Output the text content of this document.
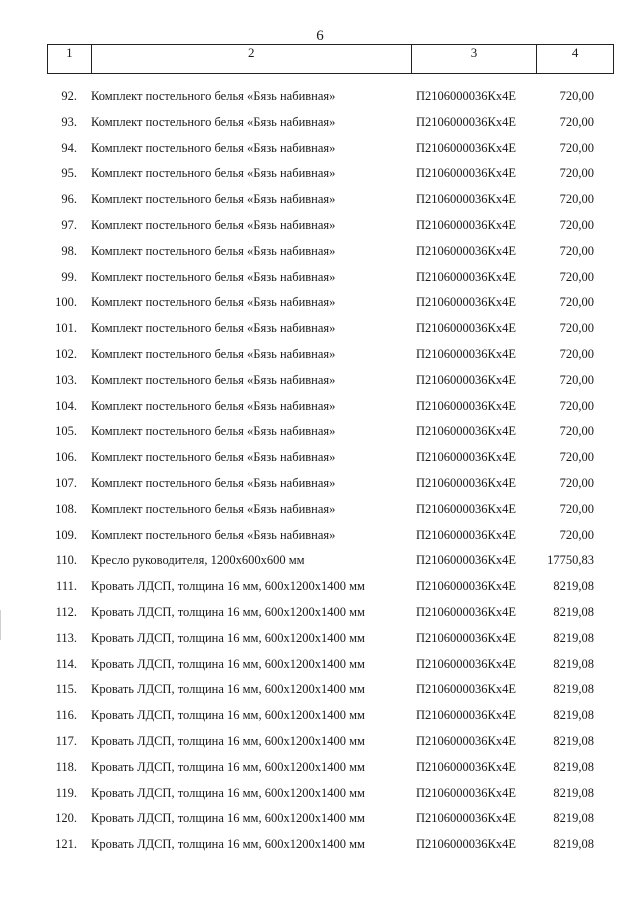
6
1	2	3	4
92. Комплект постельного белья «Бязь набивная»	П2106000036Кх4Е	720,00
93. Комплект постельного белья «Бязь набивная»	П2106000036Кх4Е	720,00
94. Комплект постельного белья «Бязь набивная»	П2106000036Кх4Е	720,00
95. Комплект постельного белья «Бязь набивная»	П2106000036Кх4Е	720,00
96. Комплект постельного белья «Бязь набивная»	П2106000036Кх4Е	720,00
97. Комплект постельного белья «Бязь набивная»	П2106000036Кх4Е	720,00
98. Комплект постельного белья «Бязь набивная»	П2106000036Кх4Е	720,00
99. Комплект постельного белья «Бязь набивная»	П2106000036Кх4Е	720,00
100. Комплект постельного белья «Бязь набивная»	П2106000036Кх4Е	720,00
101. Комплект постельного белья «Бязь набивная»	П2106000036Кх4Е	720,00
102. Комплект постельного белья «Бязь набивная»	П2106000036Кх4Е	720,00
103. Комплект постельного белья «Бязь набивная»	П2106000036Кх4Е	720,00
104. Комплект постельного белья «Бязь набивная»	П2106000036Кх4Е	720,00
105. Комплект постельного белья «Бязь набивная»	П2106000036Кх4Е	720,00
106. Комплект постельного белья «Бязь набивная»	П2106000036Кх4Е	720,00
107. Комплект постельного белья «Бязь набивная»	П2106000036Кх4Е	720,00
108. Комплект постельного белья «Бязь набивная»	П2106000036Кх4Е	720,00
109. Комплект постельного белья «Бязь набивная»	П2106000036Кх4Е	720,00
110. Кресло руководителя, 1200х600х600 мм	П2106000036Кх4Е 17750,83
111. Кровать ЛДСП, толщина 16 мм, 600х1200х1400 мм	П2106000036Кх4Е	8219,08
112. Кровать ЛДСП, толщина 16 мм, 600х1200х1400 мм	П2106000036Кх4Е	8219,08
113. Кровать ЛДСП, толщина 16 мм, 600х1200х1400 мм	П2106000036Кх4Е	8219,08
114. Кровать ЛДСП, толщина 16 мм, 600х1200х1400 мм	П2106000036Кх4Е	8219,08
115. Кровать ЛДСП, толщина 16 мм, 600х1200х1400 мм	П2106000036Кх4Е	8219,08
116. Кровать ЛДСП, толщина 16 мм, 600х1200х1400 мм	П2106000036Кх4Е	8219,08
117. Кровать ЛДСП, толщина 16 мм, 600х1200х1400 мм	П2106000036Кх4Е	8219,08
118. Кровать ЛДСП, толщина 16 мм, 600х1200х1400 мм	П2106000036Кх4Е	8219,08
119. Кровать ЛДСП, толщина 16 мм, 600х1200х1400 мм	П2106000036Кх4Е	8219,08
120. Кровать ЛДСП, толщина 16 мм, 600х1200х1400 мм	П2106000036Кх4Е	8219,08
121. Кровать ЛДСП, толщина 16 мм, 600х1200х1400 мм	П2106000036Кх4Е	8219,08
